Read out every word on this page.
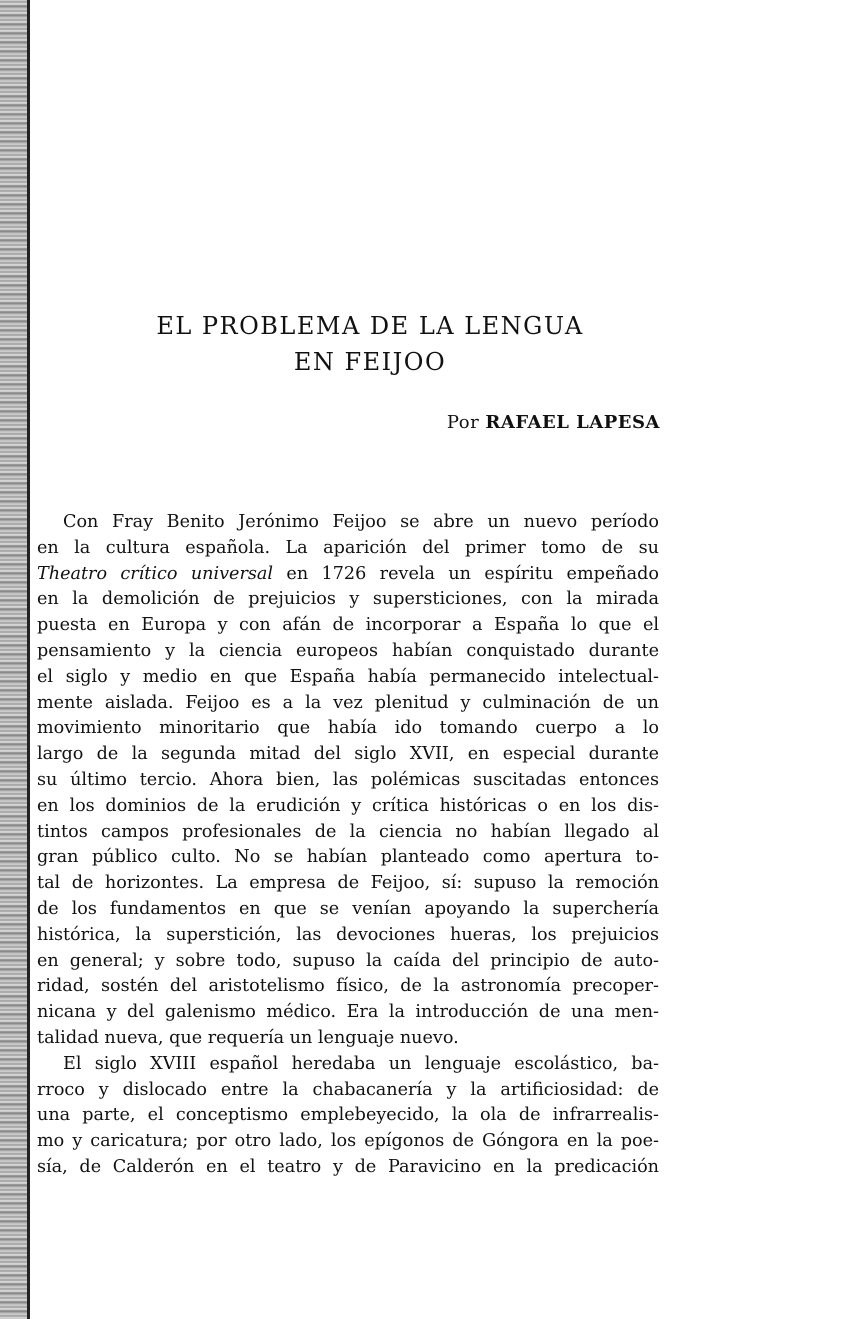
EL PROBLEMA DE LA LENGUA
EN FEIJOO
Por RAFAEL LAPESA
Con Fray Benito Jerónimo Feijoo se abre un nuevo período
en la cultura española. La aparición del primer tomo de su
Theatro crítico universal en 1726 revela un espíritu empeñado
en la demolición de prejuicios y supersticiones, con la mirada
puesta en Europa y con afán de incorporar a España lo que el
pensamiento y la ciencia europeos habían conquistado durante
el siglo y medio en que España había permanecido intelectual-
mente aislada. Feijoo es a la vez plenitud y culminación de un
movimiento minoritario que había ido tomando cuerpo a lo
largo de la segunda mitad del siglo XVII, en especial durante
su último tercio. Ahora bien, las polémicas suscitadas entonces
en los dominios de la erudición y crítica históricas o en los dis-
tintos campos profesionales de la ciencia no habían llegado al
gran público culto. No se habían planteado como apertura to-
tal de horizontes. La empresa de Feijoo, sí: supuso la remoción
de los fundamentos en que se venían apoyando la superchería
histórica, la superstición, las devociones hueras, los prejuicios
en general; y sobre todo, supuso la caída del principio de auto-
ridad, sostén del aristotelismo físico, de la astronomía precoper-
nicana y del galenismo médico. Era la introducción de una men-
talidad nueva, que requería un lenguaje nuevo.
El siglo XVIII español heredaba un lenguaje escolástico, ba-
rroco y dislocado entre la chabacanería y la artificiosidad: de
una parte, el conceptismo emplebeyecido, la ola de infrarrealis-
mo y caricatura; por otro lado, los epígonos de Góngora en la poe-
sía, de Calderón en el teatro y de Paravicino en la predicación
